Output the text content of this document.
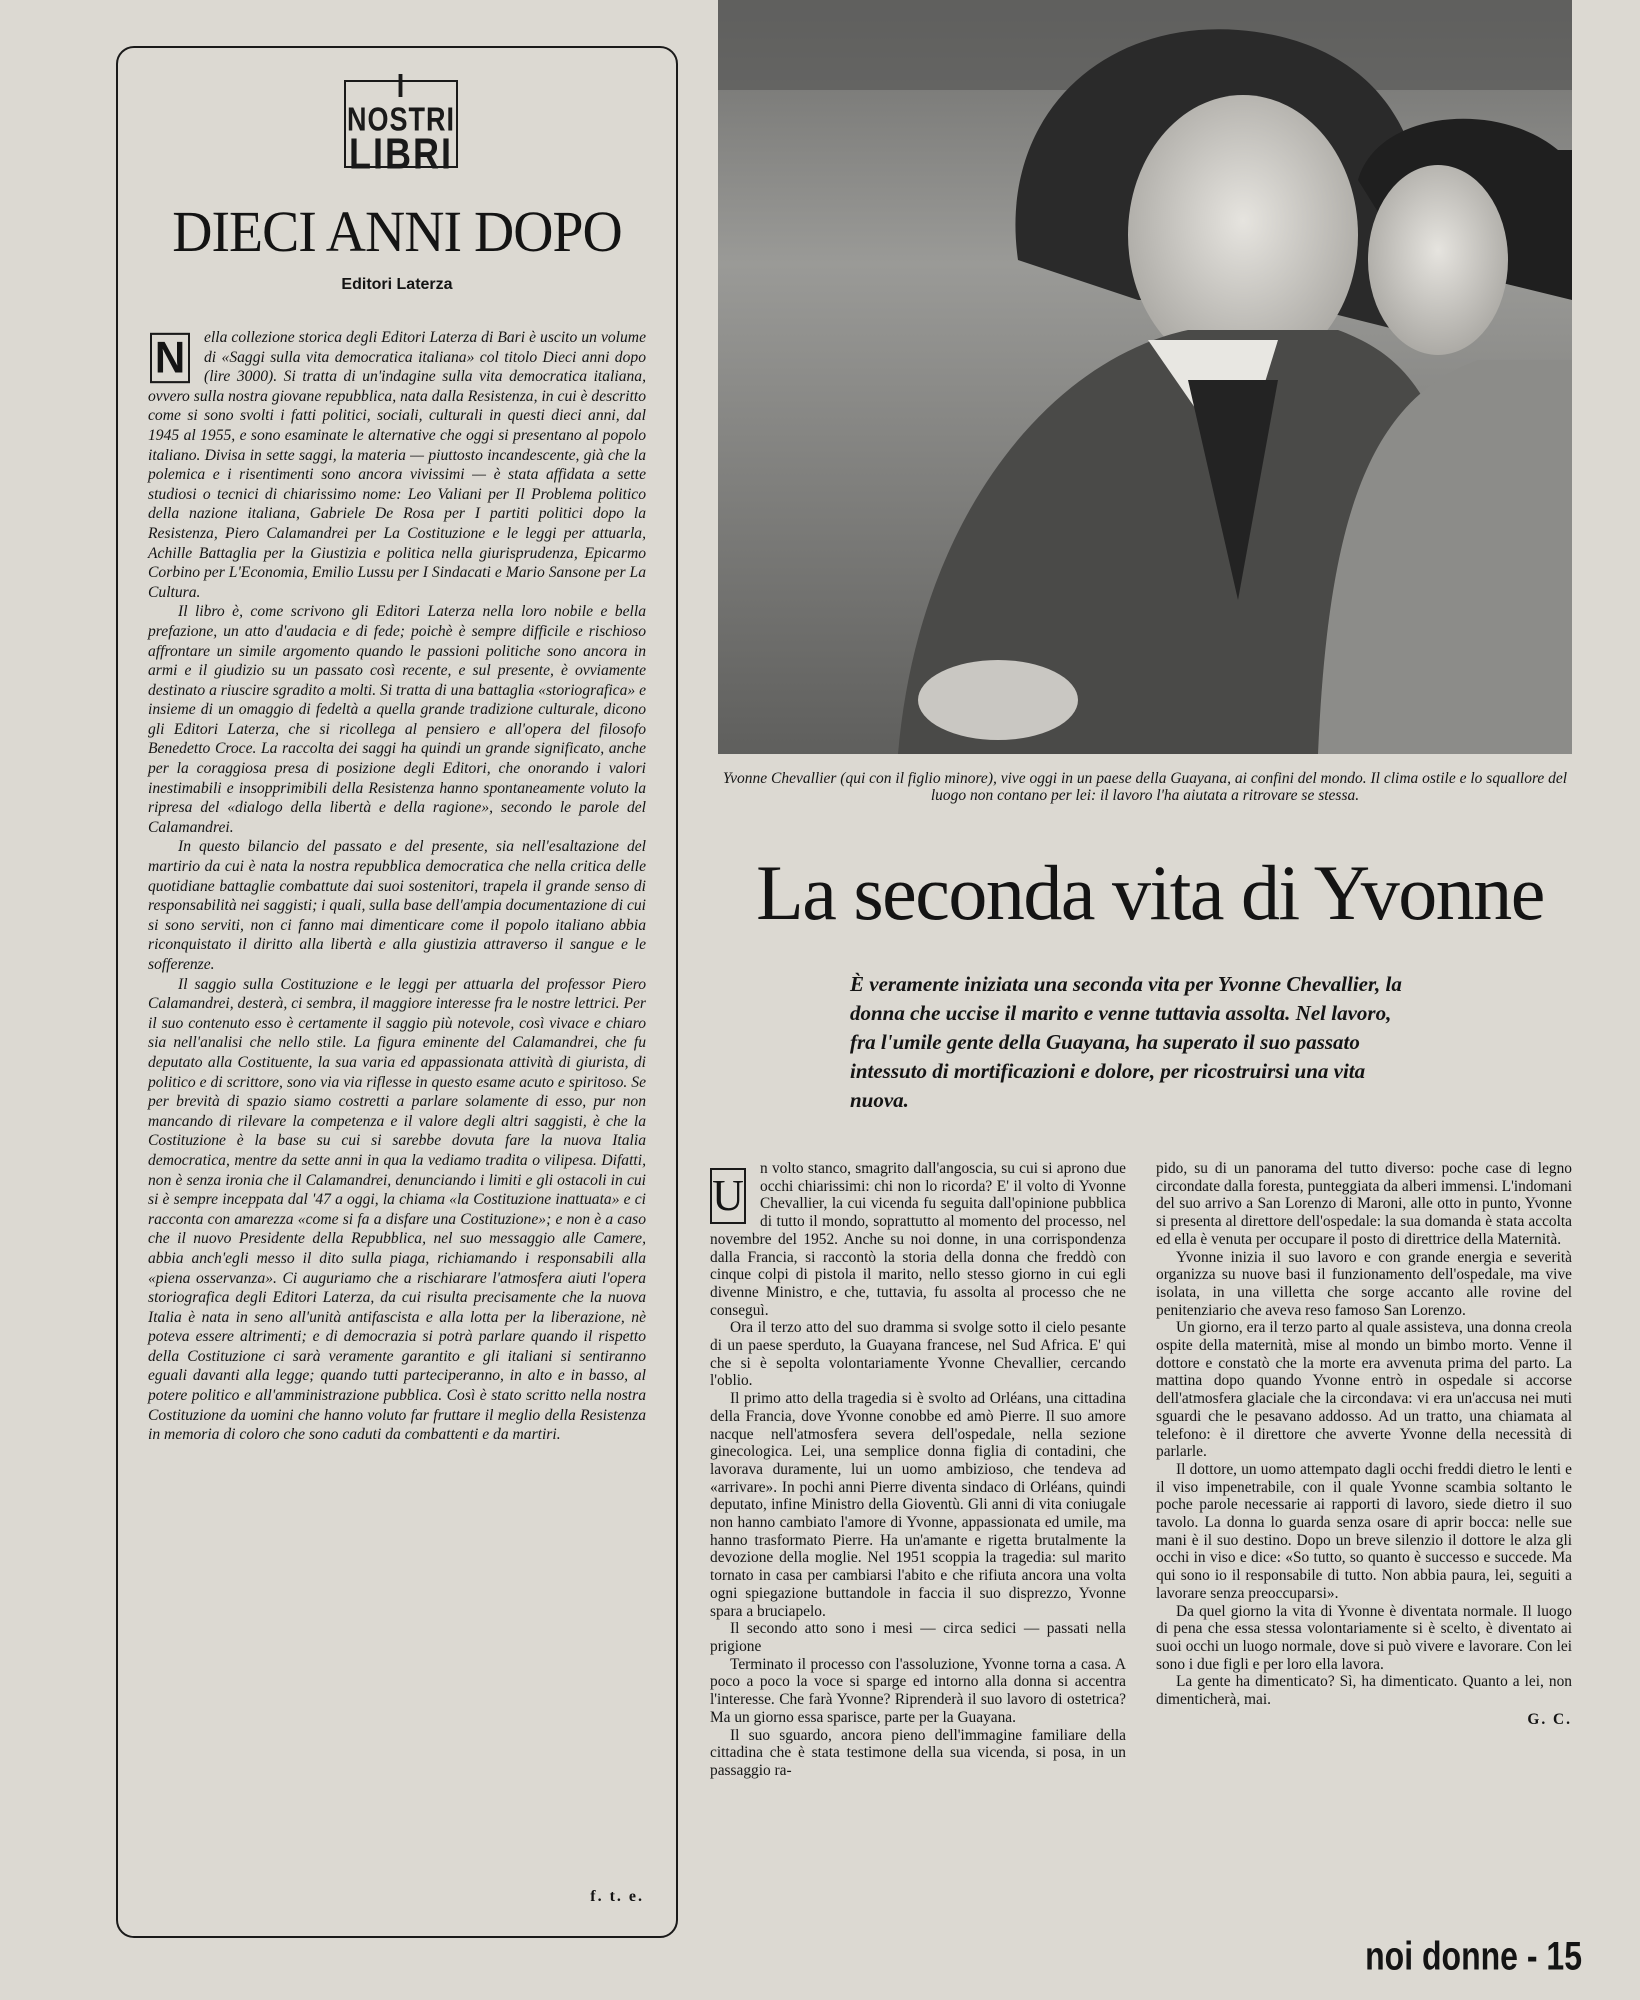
I NOSTRI
LIBRI
DIECI ANNI DOPO
Editori Laterza

N	ella collezione storica degli Editori Laterza di Bari è uscito un volume di «Saggi sulla vita democratica italiana» col titolo Dieci anni dopo (lire 3000). Si tratta di un'indagine sulla vita democratica italiana, ovvero sulla nostra giovane repubblica, nata dalla Resistenza, in cui è descritto come si sono svolti i fatti politici, sociali, culturali in questi dieci anni, dal 1945 al 1955, e sono esaminate le alternative che oggi si presentano al popolo italiano. Divisa in sette saggi, la materia — piuttosto incandescente, già che la polemica e i risentimenti sono ancora vivissimi — è stata affidata a sette studiosi o tecnici di chiarissimo nome: Leo Valiani per Il Problema politico della nazione italiana, Gabriele De Rosa per I partiti politici dopo la Resistenza, Piero Calamandrei per La Costituzione e le leggi per attuarla, Achille Battaglia per la Giustizia e politica nella giurisprudenza, Epicarmo Corbino per L'Economia, Emilio Lussu per I Sindacati e Mario Sansone per La Cultura.

Il libro è, come scrivono gli Editori Laterza nella loro nobile e bella prefazione, un atto d'audacia e di fede; poichè è sempre difficile e rischioso affrontare un simile argomento quando le passioni politiche sono ancora in armi e il giudizio su un passato così recente, e sul presente, è ovviamente destinato a riuscire sgradito a molti. Si tratta di una battaglia «storiografica» e insieme di un omaggio di fedeltà a quella grande tradizione culturale, dicono gli Editori Laterza, che si ricollega al pensiero e all'opera del filosofo Benedetto Croce. La raccolta dei saggi ha quindi un grande significato, anche per la coraggiosa presa di posizione degli Editori, che onorando i valori inestimabili e insopprimibili della Resistenza hanno spontaneamente voluto la ripresa del «dialogo della libertà e della ragione», secondo le parole del Calamandrei.

In questo bilancio del passato e del presente, sia nell'esaltazione del martirio da cui è nata la nostra repubblica democratica che nella critica delle quotidiane battaglie combattute dai suoi sostenitori, trapela il grande senso di responsabilità nei saggisti; i quali, sulla base dell'ampia documentazione di cui si sono serviti, non ci fanno mai dimenticare come il popolo italiano abbia riconquistato il diritto alla libertà e alla giustizia attraverso il sangue e le sofferenze.

Il saggio sulla Costituzione e le leggi per attuarla del professor Piero Calamandrei, desterà, ci sembra, il maggiore interesse fra le nostre lettrici. Per il suo contenuto esso è certamente il saggio più notevole, così vivace e chiaro sia nell'analisi che nello stile. La figura eminente del Calamandrei, che fu deputato alla Costituente, la sua varia ed appassionata attività di giurista, di politico e di scrittore, sono via via riflesse in questo esame acuto e spiritoso. Se per brevità di spazio siamo costretti a parlare solamente di esso, pur non mancando di rilevare la competenza e il valore degli altri saggisti, è che la Costituzione è la base su cui si sarebbe dovuta fare la nuova Italia democratica, mentre da sette anni in qua la vediamo tradita o vilipesa. Difatti, non è senza ironia che il Calamandrei, denunciando i limiti e gli ostacoli in cui si è sempre inceppata dal '47 a oggi, la chiama «la Costituzione inattuata» e ci racconta con amarezza «come si fa a disfare una Costituzione»; e non è a caso che il nuovo Presidente della Repubblica, nel suo messaggio alle Camere, abbia anch'egli messo il dito sulla piaga, richiamando i responsabili alla «piena osservanza». Ci auguriamo che a rischiarare l'atmosfera aiuti l'opera storiografica degli Editori Laterza, da cui risulta precisamente che la nuova Italia è nata in seno all'unità antifascista e alla lotta per la liberazione, nè poteva essere altrimenti; e di democrazia si potrà parlare quando il rispetto della Costituzione ci sarà veramente garantito e gli italiani si sentiranno eguali davanti alla legge; quando tutti parteciperanno, in alto e in basso, al potere politico e all'amministrazione pubblica. Così è stato scritto nella nostra Costituzione da uomini che hanno voluto far fruttare il meglio della Resistenza in memoria di coloro che sono caduti da combattenti e da martiri.

f. t. e.
Yvonne Chevallier (qui con il figlio minore), vive oggi in un paese della Guayana, ai confini del mondo. Il clima ostile e lo squallore del luogo non contano per lei: il lavoro l'ha aiutata a ritrovare se stessa.
La seconda vita di Yvonne
È veramente iniziata una seconda vita per Yvonne Chevallier, la donna che uccise il marito e venne tuttavia assolta. Nel lavoro, fra l'umile gente della Guayana, ha superato il suo passato intessuto di mortificazioni e dolore, per ricostruirsi una vita nuova.

U
n volto stanco, smagrito dall'angoscia, su cui si aprono due occhi chiarissimi: chi non lo ricorda? E' il volto di Yvonne Chevallier, la cui vicenda fu seguita dall'opinione pubblica di tutto il mondo, soprattutto al momento del processo, nel novembre del 1952. Anche su noi donne, in una corrispondenza dalla Francia, si raccontò la storia della donna che freddò con cinque colpi di pistola il marito, nello stesso giorno in cui egli divenne Ministro, e che, tuttavia, fu assolta al processo che ne conseguì.

Ora il terzo atto del suo dramma si svolge sotto il cielo pesante di un paese sperduto, la Guayana francese, nel Sud Africa. E' qui che si è sepolta volontariamente Yvonne Chevallier, cercando l'oblio.

Il primo atto della tragedia si è svolto ad Orléans, una cittadina della Francia, dove Yvonne conobbe ed amò Pierre. Il suo amore nacque nell'atmosfera severa dell'ospedale, nella sezione ginecologica. Lei, una semplice donna figlia di contadini, che lavorava duramente, lui un uomo ambizioso, che tendeva ad «arrivare». In pochi anni Pierre diventa sindaco di Orléans, quindi deputato, infine Ministro della Gioventù. Gli anni di vita coniugale non hanno cambiato l'amore di Yvonne, appassionata ed umile, ma hanno trasformato Pierre. Ha un'amante e rigetta brutalmente la devozione della moglie. Nel 1951 scoppia la tragedia: sul marito tornato in casa per cambiarsi l'abito e che rifiuta ancora una volta ogni spiegazione buttandole in faccia il suo disprezzo, Yvonne spara a bruciapelo.

Il secondo atto sono i mesi — circa sedici — passati nella prigione

Terminato il processo con l'assoluzione, Yvonne torna a casa. A poco a poco la voce si sparge ed intorno alla donna si accentra l'interesse. Che farà Yvonne? Riprenderà il suo lavoro di ostetrica? Ma un giorno essa sparisce, parte per la Guayana.

Il suo sguardo, ancora pieno dell'immagine familiare della cittadina che è stata testimone della sua vicenda, si posa, in un passaggio ra-

pido, su di un panorama del tutto diverso: poche case di legno circondate dalla foresta, punteggiata da alberi immensi. L'indomani del suo arrivo a San Lorenzo di Maroni, alle otto in punto, Yvonne si presenta al direttore dell'ospedale: la sua domanda è stata accolta ed ella è venuta per occupare il posto di direttrice della Maternità.

Yvonne inizia il suo lavoro e con grande energia e severità organizza su nuove basi il funzionamento dell'ospedale, ma vive isolata, in una villetta che sorge accanto alle rovine del penitenziario che aveva reso famoso San Lorenzo.

Un giorno, era il terzo parto al quale assisteva, una donna creola ospite della maternità, mise al mondo un bimbo morto. Venne il dottore e constatò che la morte era avvenuta prima del parto. La mattina dopo quando Yvonne entrò in ospedale si accorse dell'atmosfera glaciale che la circondava: vi era un'accusa nei muti sguardi che le pesavano addosso. Ad un tratto, una chiamata al telefono: è il direttore che avverte Yvonne della necessità di parlarle.

Il dottore, un uomo attempato dagli occhi freddi dietro le lenti e il viso impenetrabile, con il quale Yvonne scambia soltanto le poche parole necessarie ai rapporti di lavoro, siede dietro il suo tavolo. La donna lo guarda senza osare di aprir bocca: nelle sue mani è il suo destino. Dopo un breve silenzio il dottore le alza gli occhi in viso e dice: «So tutto, so quanto è successo e succede. Ma qui sono io il responsabile di tutto. Non abbia paura, lei, seguiti a lavorare senza preoccuparsi».

Da quel giorno la vita di Yvonne è diventata normale. Il luogo di pena che essa stessa volontariamente si è scelto, è diventato ai suoi occhi un luogo normale, dove si può vivere e lavorare. Con lei sono i due figli e per loro ella lavora.

La gente ha dimenticato? Sì, ha dimenticato. Quanto a lei, non dimenticherà, mai.

G. C.
noi donne - 15
